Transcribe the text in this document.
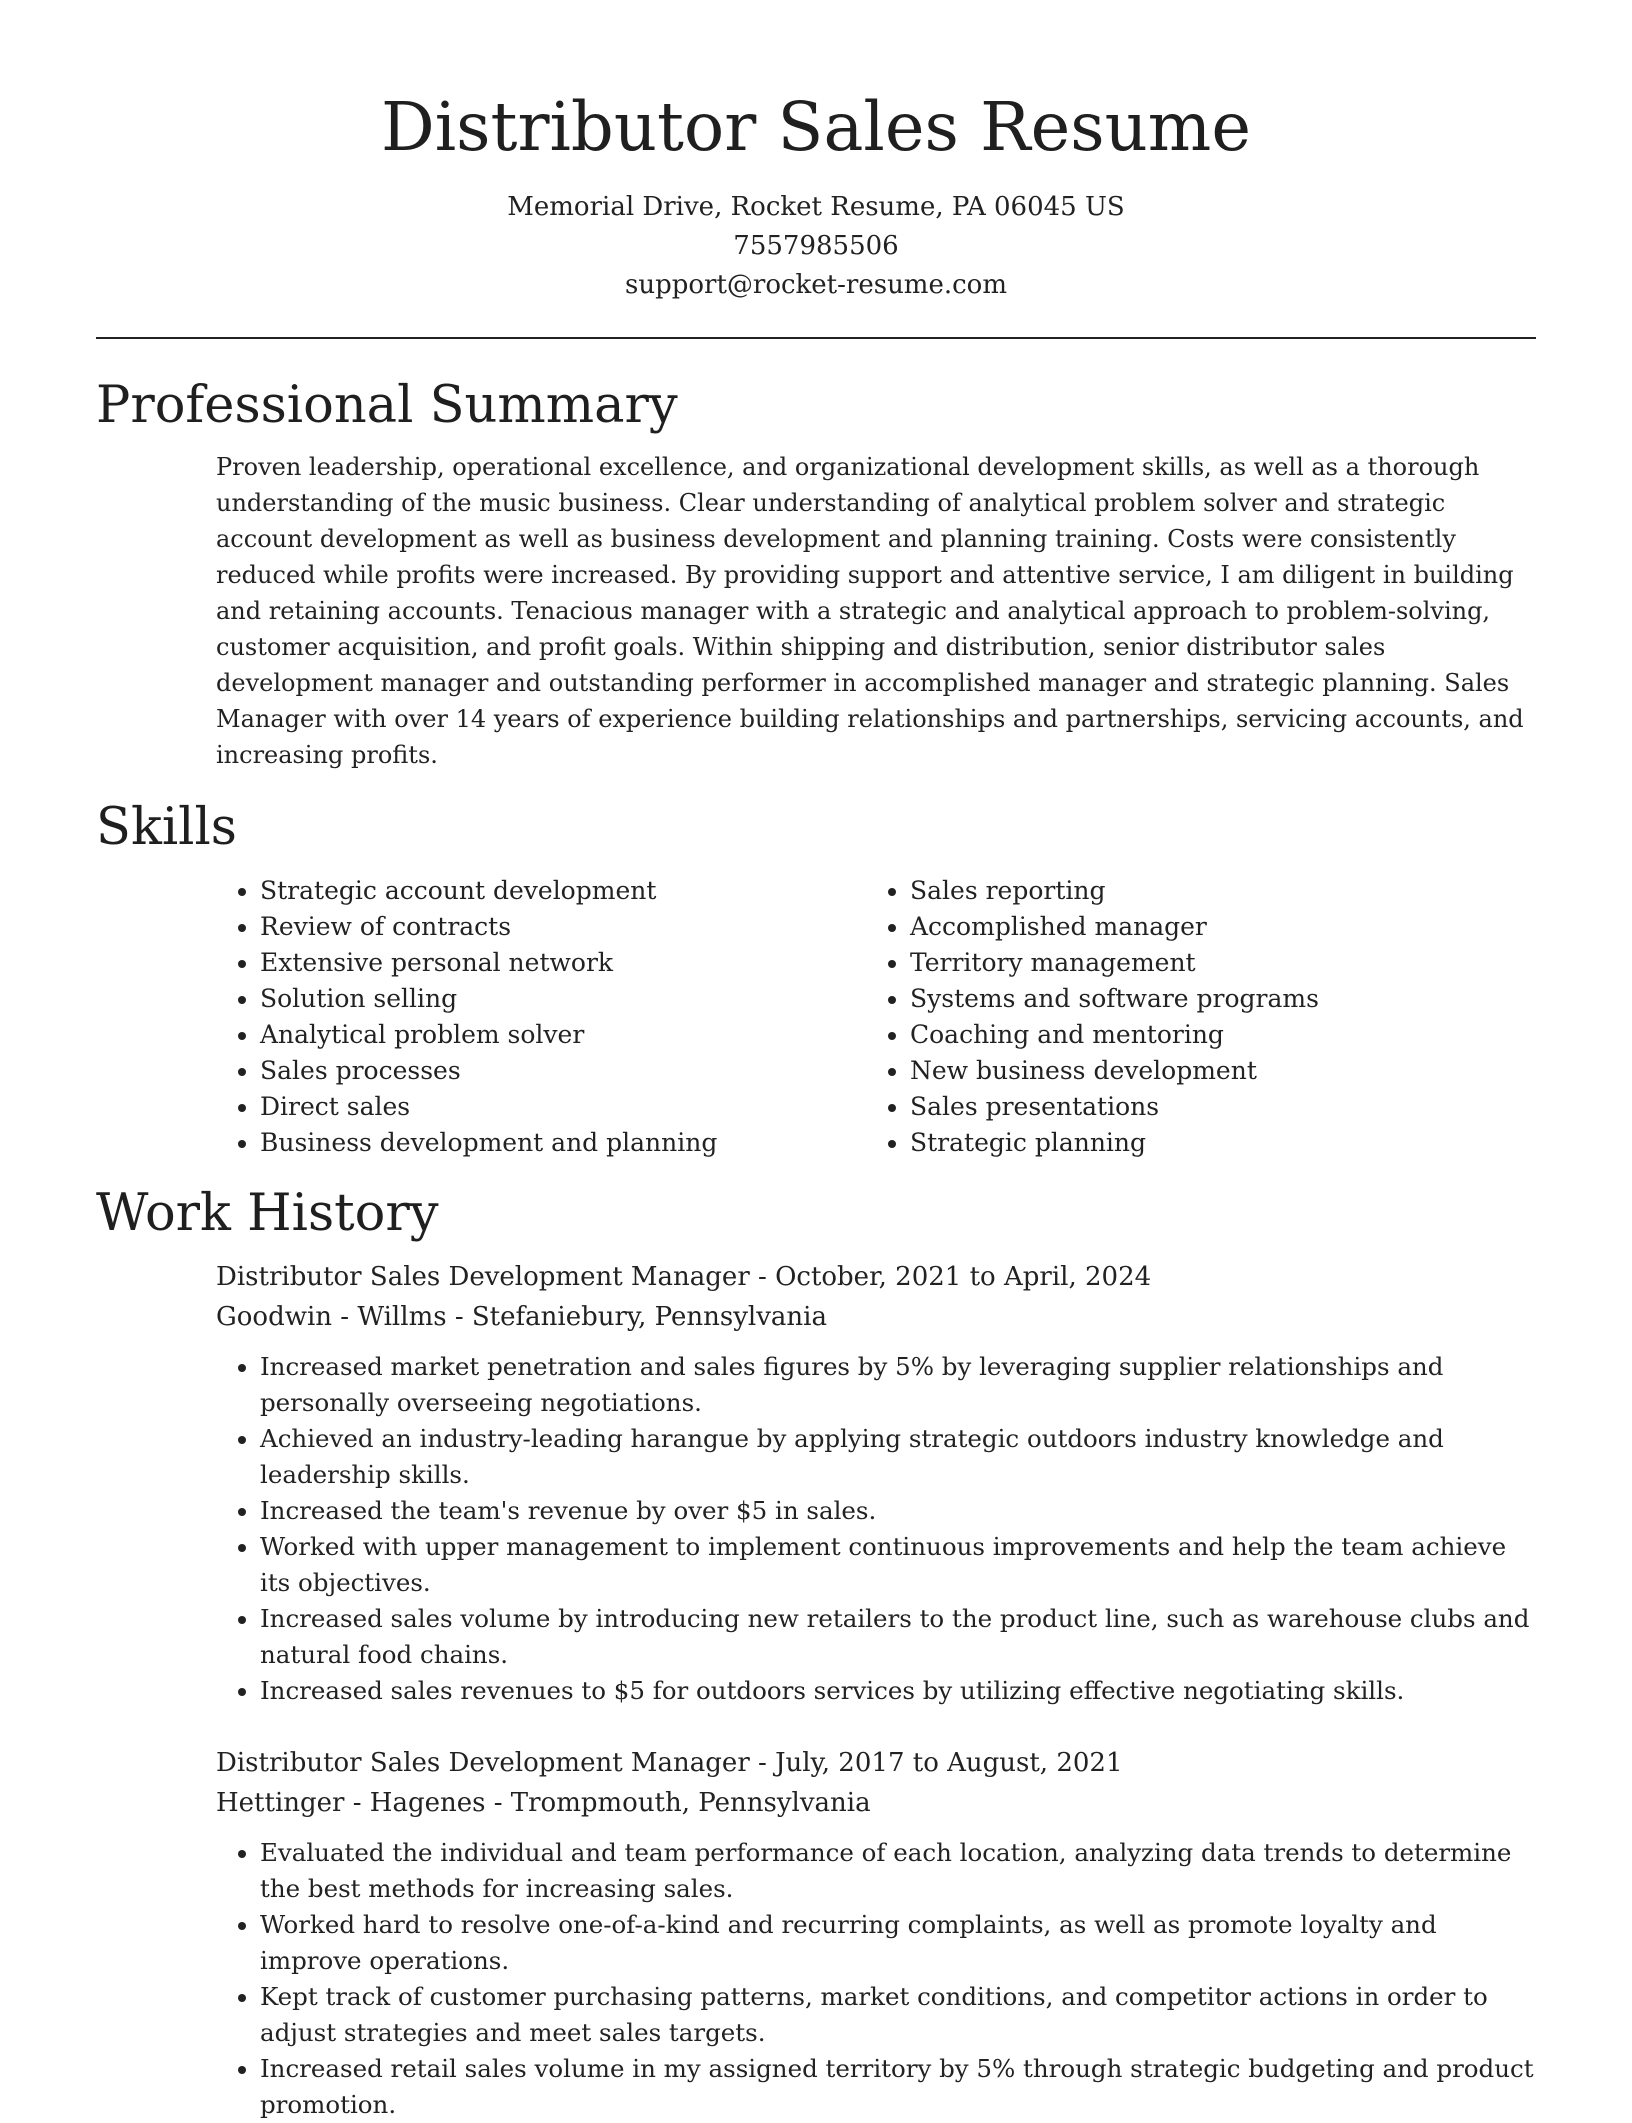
Distributor Sales Resume
Memorial Drive, Rocket Resume, PA 06045 US
7557985506
support@rocket-resume.com
Professional Summary

Proven leadership, operational excellence, and organizational development skills, as well as a thorough understanding of the music business. Clear understanding of analytical problem solver and strategic account development as well as business development and planning training. Costs were consistently reduced while profits were increased. By providing support and attentive service, I am diligent in building and retaining accounts. Tenacious manager with a strategic and analytical approach to problem-solving, customer acquisition, and profit goals. Within shipping and distribution, senior distributor sales development manager and outstanding performer in accomplished manager and strategic planning. Sales Manager with over 14 years of experience building relationships and partnerships, servicing accounts, and increasing profits.

Skills
• Strategic account development
• Review of contracts
• Extensive personal network
• Solution selling
• Analytical problem solver
• Sales processes
• Direct sales
• Business development and planning
• Sales reporting
• Accomplished manager
• Territory management
• Systems and software programs
• Coaching and mentoring
• New business development
• Sales presentations
• Strategic planning
Work History
Distributor Sales Development Manager - October, 2021 to April, 2024
Goodwin - Willms - Stefaniebury, Pennsylvania
• Increased market penetration and sales figures by 5% by leveraging supplier relationships and personally overseeing negotiations.
• Achieved an industry-leading harangue by applying strategic outdoors industry knowledge and leadership skills.
• Increased the team's revenue by over $5 in sales.
• Worked with upper management to implement continuous improvements and help the team achieve its objectives.
• Increased sales volume by introducing new retailers to the product line, such as warehouse clubs and natural food chains.
• Increased sales revenues to $5 for outdoors services by utilizing effective negotiating skills.
Distributor Sales Development Manager - July, 2017 to August, 2021
Hettinger - Hagenes - Trompmouth, Pennsylvania
• Evaluated the individual and team performance of each location, analyzing data trends to determine the best methods for increasing sales.
• Worked hard to resolve one-of-a-kind and recurring complaints, as well as promote loyalty and improve operations.
• Kept track of customer purchasing patterns, market conditions, and competitor actions in order to adjust strategies and meet sales targets.
• Increased retail sales volume in my assigned territory by 5% through strategic budgeting and product promotion.
